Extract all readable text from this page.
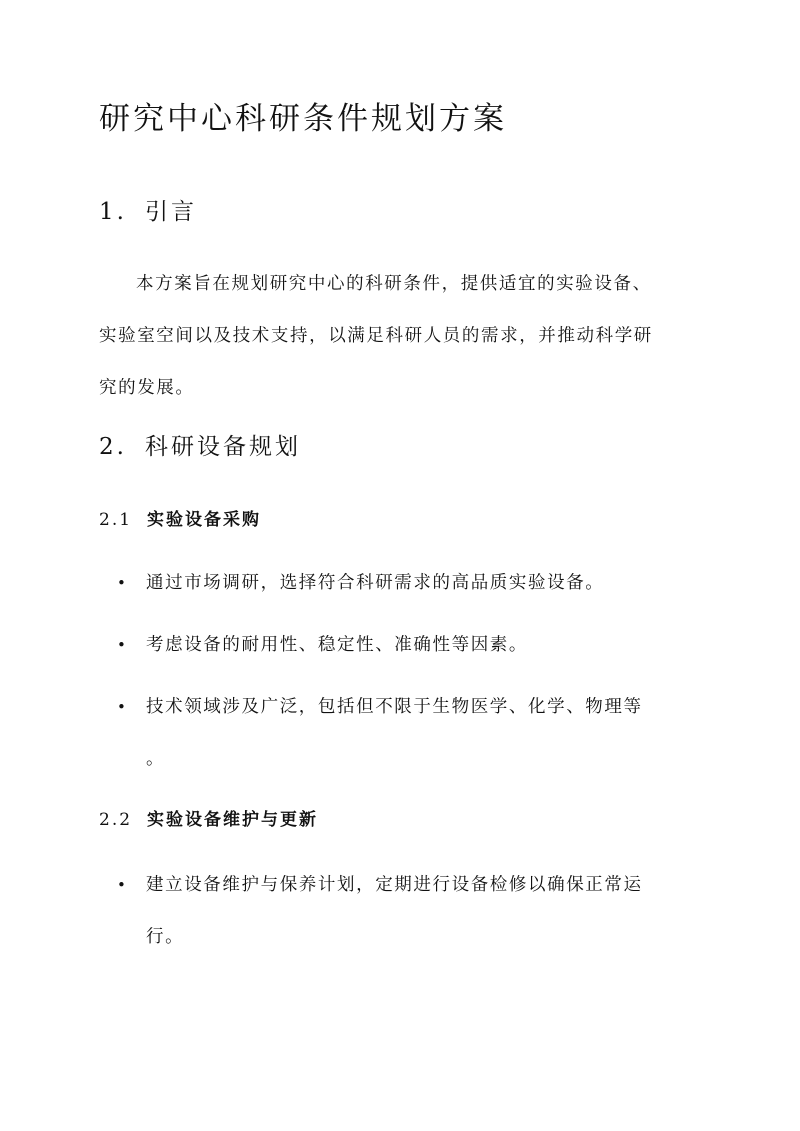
研究中心科研条件规划方案
1. 引言
本方案旨在规划研究中心的科研条件，提供适宜的实验设备、
实验室空间以及技术支持，以满足科研人员的需求，并推动科学研
究的发展。
2. 科研设备规划
2.1 实验设备采购
•	通过市场调研，选择符合科研需求的高品质实验设备。
•	考虑设备的耐用性、稳定性、准确性等因素。
•	技术领域涉及广泛，包括但不限于生物医学、化学、物理等
。
2.2 实验设备维护与更新
•	建立设备维护与保养计划，定期进行设备检修以确保正常运
行。
